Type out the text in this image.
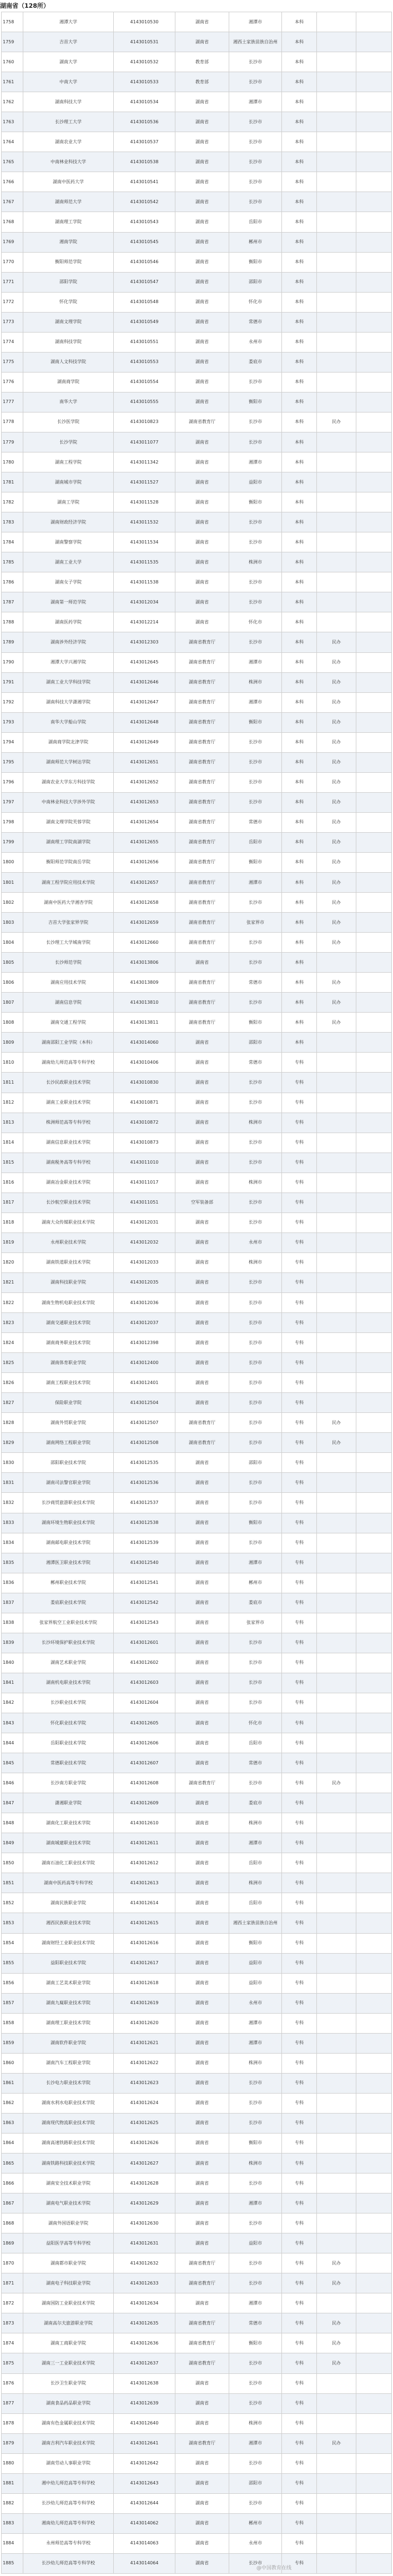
湖南省（128所）
1758	湘潭大学	4143010530	湖南省	湘潭市	本科		
1759	吉首大学	4143010531	湖南省	湘西土家族苗族自治州	本科		
1760	湖南大学	4143010532	教育部	长沙市	本科		
1761	中南大学	4143010533	教育部	长沙市	本科		
1762	湖南科技大学	4143010534	湖南省	湘潭市	本科		
1763	长沙理工大学	4143010536	湖南省	长沙市	本科		
1764	湖南农业大学	4143010537	湖南省	长沙市	本科		
1765	中南林业科技大学	4143010538	湖南省	长沙市	本科		
1766	湖南中医药大学	4143010541	湖南省	长沙市	本科		
1767	湖南师范大学	4143010542	湖南省	长沙市	本科		
1768	湖南理工学院	4143010543	湖南省	岳阳市	本科		
1769	湘南学院	4143010545	湖南省	郴州市	本科		
1770	衡阳师范学院	4143010546	湖南省	衡阳市	本科		
1771	邵阳学院	4143010547	湖南省	邵阳市	本科		
1772	怀化学院	4143010548	湖南省	怀化市	本科		
1773	湖南文理学院	4143010549	湖南省	常德市	本科		
1774	湖南科技学院	4143010551	湖南省	永州市	本科		
1775	湖南人文科技学院	4143010553	湖南省	娄底市	本科		
1776	湖南商学院	4143010554	湖南省	长沙市	本科		
1777	南华大学	4143010555	湖南省	衡阳市	本科		
1778	长沙医学院	4143010823	湖南省教育厅	长沙市	本科	民办	
1779	长沙学院	4143011077	湖南省	长沙市	本科		
1780	湖南工程学院	4143011342	湖南省	湘潭市	本科		
1781	湖南城市学院	4143011527	湖南省	益阳市	本科		
1782	湖南工学院	4143011528	湖南省	衡阳市	本科		
1783	湖南财政经济学院	4143011532	湖南省	长沙市	本科		
1784	湖南警察学院	4143011534	湖南省	长沙市	本科		
1785	湖南工业大学	4143011535	湖南省	株洲市	本科		
1786	湖南女子学院	4143011538	湖南省	长沙市	本科		
1787	湖南第一师范学院	4143012034	湖南省	长沙市	本科		
1788	湖南医药学院	4143012214	湖南省	怀化市	本科		
1789	湖南涉外经济学院	4143012303	湖南省教育厅	长沙市	本科	民办	
1790	湘潭大学兴湘学院	4143012645	湖南省教育厅	湘潭市	本科	民办	
1791	湖南工业大学科技学院	4143012646	湖南省教育厅	株洲市	本科	民办	
1792	湖南科技大学潇湘学院	4143012647	湖南省教育厅	湘潭市	本科	民办	
1793	南华大学船山学院	4143012648	湖南省教育厅	衡阳市	本科	民办	
1794	湖南商学院北津学院	4143012649	湖南省教育厅	长沙市	本科	民办	
1795	湖南师范大学树达学院	4143012651	湖南省教育厅	长沙市	本科	民办	
1796	湖南农业大学东方科技学院	4143012652	湖南省教育厅	长沙市	本科	民办	
1797	中南林业科技大学涉外学院	4143012653	湖南省教育厅	长沙市	本科	民办	
1798	湖南文理学院芙蓉学院	4143012654	湖南省教育厅	常德市	本科	民办	
1799	湖南理工学院南湖学院	4143012655	湖南省教育厅	岳阳市	本科	民办	
1800	衡阳师范学院南岳学院	4143012656	湖南省教育厅	衡阳市	本科	民办	
1801	湖南工程学院应用技术学院	4143012657	湖南省教育厅	湘潭市	本科	民办	
1802	湖南中医药大学湘杏学院	4143012658	湖南省教育厅	长沙市	本科	民办	
1803	吉首大学张家界学院	4143012659	湖南省教育厅	张家界市	本科	民办	
1804	长沙理工大学城南学院	4143012660	湖南省教育厅	长沙市	本科	民办	
1805	长沙师范学院	4143013806	湖南省	长沙市	本科		
1806	湖南应用技术学院	4143013809	湖南省教育厅	常德市	本科	民办	
1807	湖南信息学院	4143013810	湖南省教育厅	长沙市	本科	民办	
1808	湖南交通工程学院	4143013811	湖南省教育厅	衡阳市	本科	民办	
1809	湖南邵阳工业学院（本科）	4143014060	湖南省	邵阳市	本科		
1810	湖南幼儿师范高等专科学校	4143010406	湖南省	常德市	专科		
1811	长沙民政职业技术学院	4143010830	湖南省	长沙市	专科		
1812	湖南工业职业技术学院	4143010871	湖南省	长沙市	专科		
1813	株洲师范高等专科学校	4143010872	湖南省	株洲市	专科		
1814	湖南信息职业技术学院	4143010873	湖南省	长沙市	专科		
1815	湖南税务高等专科学校	4143011010	湖南省	长沙市	专科		
1816	湖南冶金职业技术学院	4143011017	湖南省	株洲市	专科		
1817	长沙航空职业技术学院	4143011051	空军装备部	长沙市	专科		
1818	湖南大众传媒职业技术学院	4143012031	湖南省	长沙市	专科		
1819	永州职业技术学院	4143012032	湖南省	永州市	专科		
1820	湖南铁道职业技术学院	4143012033	湖南省	株洲市	专科		
1821	湖南科技职业学院	4143012035	湖南省	长沙市	专科		
1822	湖南生物机电职业技术学院	4143012036	湖南省	长沙市	专科		
1823	湖南交通职业技术学院	4143012037	湖南省	长沙市	专科		
1824	湖南商务职业技术学院	4143012398	湖南省	长沙市	专科		
1825	湖南体育职业学院	4143012400	湖南省	长沙市	专科		
1826	湖南工程职业技术学院	4143012401	湖南省	长沙市	专科		
1827	保险职业学院	4143012504	湖南省	长沙市	专科		
1828	湖南外贸职业学院	4143012507	湖南省教育厅	长沙市	专科	民办	
1829	湖南网络工程职业学院	4143012508	湖南省教育厅	长沙市	专科	民办	
1830	邵阳职业技术学院	4143012535	湖南省	邵阳市	专科		
1831	湖南司法警官职业学院	4143012536	湖南省	长沙市	专科		
1832	长沙商贸旅游职业技术学院	4143012537	湖南省	长沙市	专科		
1833	湖南环境生物职业技术学院	4143012538	湖南省	衡阳市	专科		
1834	湖南邮电职业技术学院	4143012539	湖南省	长沙市	专科		
1835	湘潭医卫职业技术学院	4143012540	湖南省	湘潭市	专科		
1836	郴州职业技术学院	4143012541	湖南省	郴州市	专科		
1837	娄底职业技术学院	4143012542	湖南省	娄底市	专科		
1838	张家界航空工业职业技术学院	4143012543	湖南省	张家界市	专科		
1839	长沙环境保护职业技术学院	4143012601	湖南省	长沙市	专科		
1840	湖南艺术职业学院	4143012602	湖南省	长沙市	专科		
1841	湖南机电职业技术学院	4143012603	湖南省	长沙市	专科		
1842	长沙职业技术学院	4143012604	湖南省	长沙市	专科		
1843	怀化职业技术学院	4143012605	湖南省	怀化市	专科		
1844	岳阳职业技术学院	4143012606	湖南省	岳阳市	专科		
1845	常德职业技术学院	4143012607	湖南省	常德市	专科		
1846	长沙南方职业学院	4143012608	湖南省教育厅	长沙市	专科	民办	
1847	潇湘职业学院	4143012609	湖南省	娄底市	专科		
1848	湖南化工职业技术学院	4143012610	湖南省	株洲市	专科		
1849	湖南城建职业技术学院	4143012611	湖南省	湘潭市	专科		
1850	湖南石油化工职业技术学院	4143012612	湖南省	岳阳市	专科		
1851	湖南中医药高等专科学校	4143012613	湖南省	株洲市	专科		
1852	湖南民族职业学院	4143012614	湖南省	岳阳市	专科		
1853	湘西民族职业技术学院	4143012615	湖南省	湘西土家族苗族自治州	专科		
1854	湖南财经工业职业技术学院	4143012616	湖南省	衡阳市	专科		
1855	益阳职业技术学院	4143012617	湖南省	益阳市	专科		
1856	湖南工艺美术职业学院	4143012618	湖南省	益阳市	专科		
1857	湖南九嶷职业技术学院	4143012619	湖南省	永州市	专科		
1858	湖南理工职业技术学院	4143012620	湖南省	湘潭市	专科		
1859	湖南软件职业学院	4143012621	湖南省	湘潭市	专科		
1860	湖南汽车工程职业学院	4143012622	湖南省	株洲市	专科		
1861	长沙电力职业技术学院	4143012623	湖南省	长沙市	专科		
1862	湖南水利水电职业技术学院	4143012624	湖南省	长沙市	专科		
1863	湖南现代物流职业技术学院	4143012625	湖南省	长沙市	专科		
1864	湖南高速铁路职业技术学院	4143012626	湖南省	衡阳市	专科		
1865	湖南铁路科技职业技术学院	4143012627	湖南省	株洲市	专科		
1866	湖南安全技术职业学院	4143012628	湖南省	长沙市	专科		
1867	湖南电气职业技术学院	4143012629	湖南省	湘潭市	专科		
1868	湖南外国语职业学院	4143012630	湖南省	长沙市	专科		
1869	益阳医学高等专科学校	4143012631	湖南省	益阳市	专科		
1870	湖南都市职业学院	4143012632	湖南省教育厅	长沙市	专科	民办	
1871	湖南电子科技职业学院	4143012633	湖南省教育厅	长沙市	专科	民办	
1872	湖南国防工业职业技术学院	4143012634	湖南省	湘潭市	专科		
1873	湖南高尔夫旅游职业学院	4143012635	湖南省教育厅	常德市	专科	民办	
1874	湖南工商职业学院	4143012636	湖南省教育厅	衡阳市	专科	民办	
1875	湖南三一工业职业技术学院	4143012637	湖南省教育厅	长沙市	专科	民办	
1876	长沙卫生职业学院	4143012638	湖南省	长沙市	专科		
1877	湖南食品药品职业学院	4143012639	湖南省	长沙市	专科		
1878	湖南有色金属职业技术学院	4143012640	湖南省	株洲市	专科		
1879	湖南吉利汽车职业技术学院	4143012641	湖南省教育厅	湘潭市	专科	民办	
1880	湖南劳动人事职业学院	4143012642	湖南省	长沙市	专科		
1881	湘中幼儿师范高等专科学校	4143012643	湖南省	邵阳市	专科		
1882	长沙幼儿师范高等专科学校	4143012644	湖南省	长沙市	专科		
1883	湘南幼儿师范高等专科学校	4143014062	湖南省	郴州市	专科		
1884	永州师范高等专科学校	4143014063	湖南省	永州市	专科		
1885	长沙幼儿师范高等专科学校	4143014064	湖南省	长沙市	专科		
@中国教育在线
